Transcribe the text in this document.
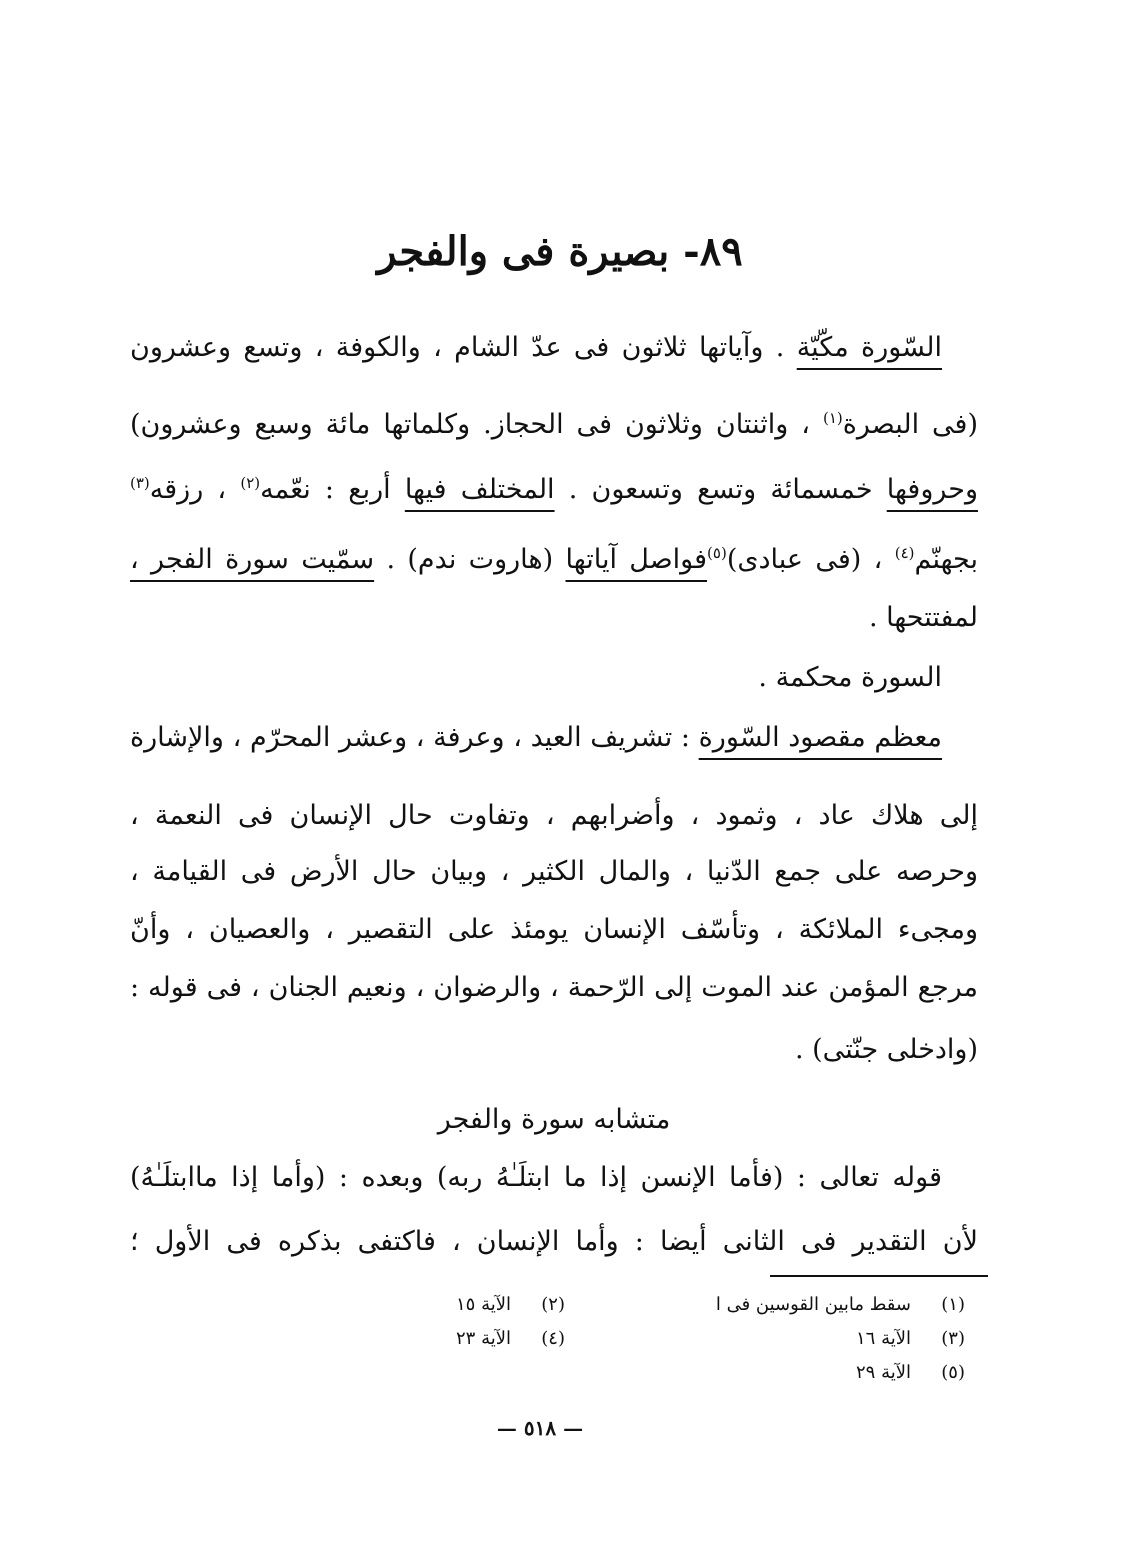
٨٩- بصيرة فى والفجر
السّورة مكّيّة . وآياتها ثلاثون فى عدّ الشام ، والكوفة ، وتسع وعشرون
(فى البصرة$^{(١)}$ ، واثنتان وثلاثون فى الحجاز. وكلماتها مائة وسبع وعشرون)
وحروفها خمسمائة وتسع وتسعون . المختلف فيها أربع : نعّمه$^{(٢)}$ ، رزقه$^{(٣)}$
بجهنّم$^{(٤)}$ ، (فى عبادى)$^{(٥)}$فواصل آياتها (هاروت ندم) . سمّيت سورة الفجر ،
لمفتتحها .
السورة محكمة .
معظم مقصود السّورة : تشريف العيد ، وعرفة ، وعشر المحرّم ، والإشارة
إلى هلاك عاد ، وثمود ، وأضرابهم ، وتفاوت حال الإنسان فى النعمة ،
وحرصه على جمع الدّنيا ، والمال الكثير ، وبيان حال الأرض فى القيامة ،
ومجىء الملائكة ، وتأسّف الإنسان يومئذ على التقصير ، والعصيان ، وأنّ
مرجع المؤمن عند الموت إلى الرّحمة ، والرضوان ، ونعيم الجنان ، فى قوله :
(وادخلى جنّتى) .
متشابه سورة والفجر
قوله تعالى : (فأما الإنسن إذا ما ابتلَـٰهُ ربه) وبعده : (وأما إذا ماابتلَـٰهُ)
لأن التقدير فى الثانى أيضا : وأما الإنسان ، فاكتفى بذكره فى الأول ؛
(١)سقط مابين القوسين فى ا
(٢)الآية ١٥
(٣)الآية ١٦
(٤)الآية ٢٣
(٥)الآية ٢٩
— ٥١٨ —
